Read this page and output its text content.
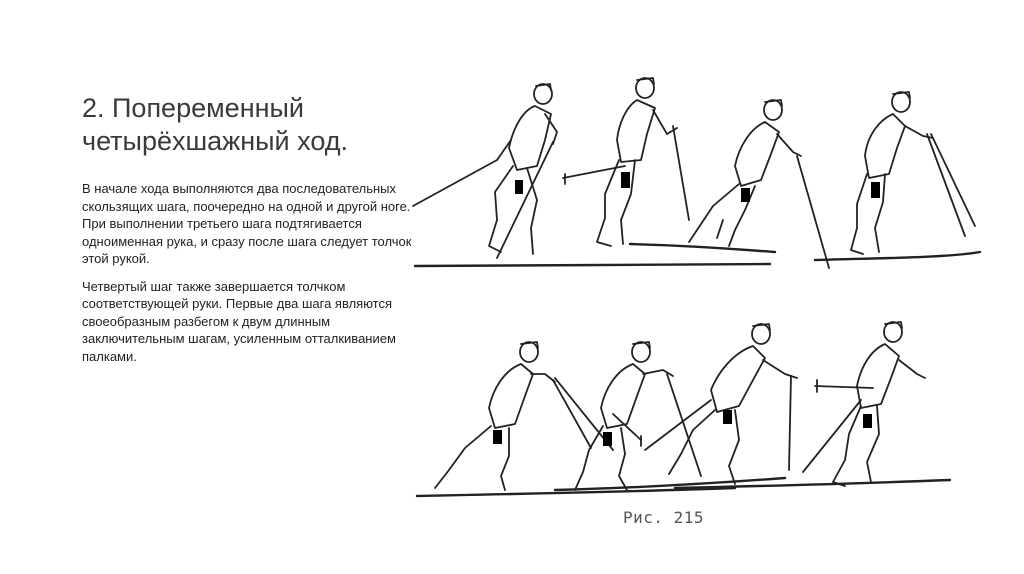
2. Попеременный четырёхшажный ход.

В начале хода выполняются два последовательных скользящих шага, поочередно на одной и другой ноге. При выполнении третьего шага подтягивается одноименная рука, и сразу после шага следует толчок этой рукой.

Четвертый шаг также завершается толчком соответствующей руки. Первые два шага являются своеобразным разбегом к двум длинным заключительным шагам, усиленным отталкиванием палками.

Рис. 215
